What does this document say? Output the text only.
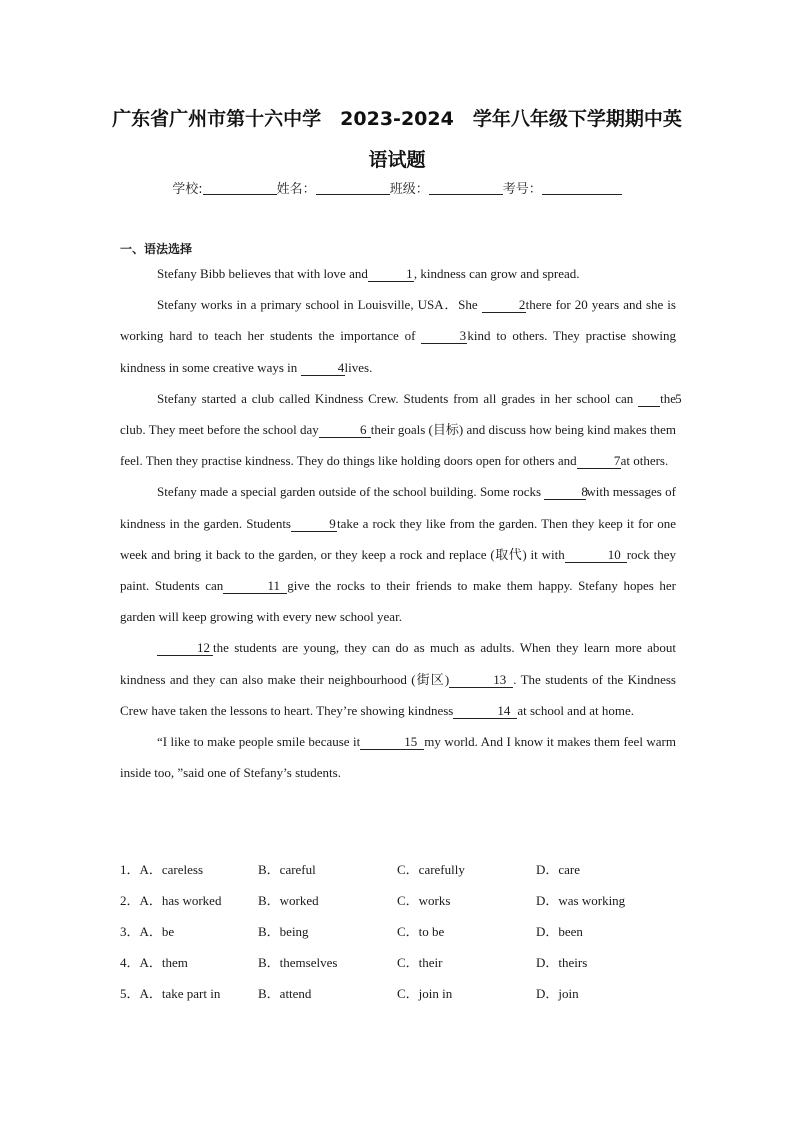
广东省广州市第十六中学　2023-2024　学年八年级下学期期中英
语试题
学校:	姓名：	班级：	考号：
一、语法选择

Stefany Bibb believes that with love and	1, kindness can grow and spread.

Stefany works in a primary school in Louisville, USA．She	2there for 20 years and she is working hard to teach her students the importance of	3kind to others. They practise showing kindness in some creative ways in	4lives.

Stefany started a club called Kindness Crew. Students from all grades in her school can	5the club. They meet before the school day	6 their goals (目标) and discuss how being kind makes them feel. Then they practise kindness. They do things like holding doors open for others and	7at others.

Stefany made a special garden outside of the school building. Some rocks	8with messages of kindness in the garden. Students	9take a rock they like from the garden. Then they keep it for one week and bring it back to the garden, or they keep a rock and replace (取代) it with	10 rock they paint. Students can	11 give the rocks to their friends to make them happy. Stefany hopes her garden will keep growing with every new school year.

12 the students are young, they can do as much as adults. When they learn more about kindness and they can also make their neighbourhood (街区)	13 . The students of the Kindness Crew have taken the lessons to heart. They’re showing kindness	14 at school and at home.

“I like to make people smile because it	15 my world. And I know it makes them feel warm inside too, ”said one of Stefany’s students.

1．A．careless	B．careful	C．carefully	D．care
2．A．has worked	B．worked	C．works	D．was working
3．A．be	B．being	C．to be	D．been
4．A．them	B．themselves	C．their	D．theirs
5．A．take part in	B．attend	C．join in	D．join
